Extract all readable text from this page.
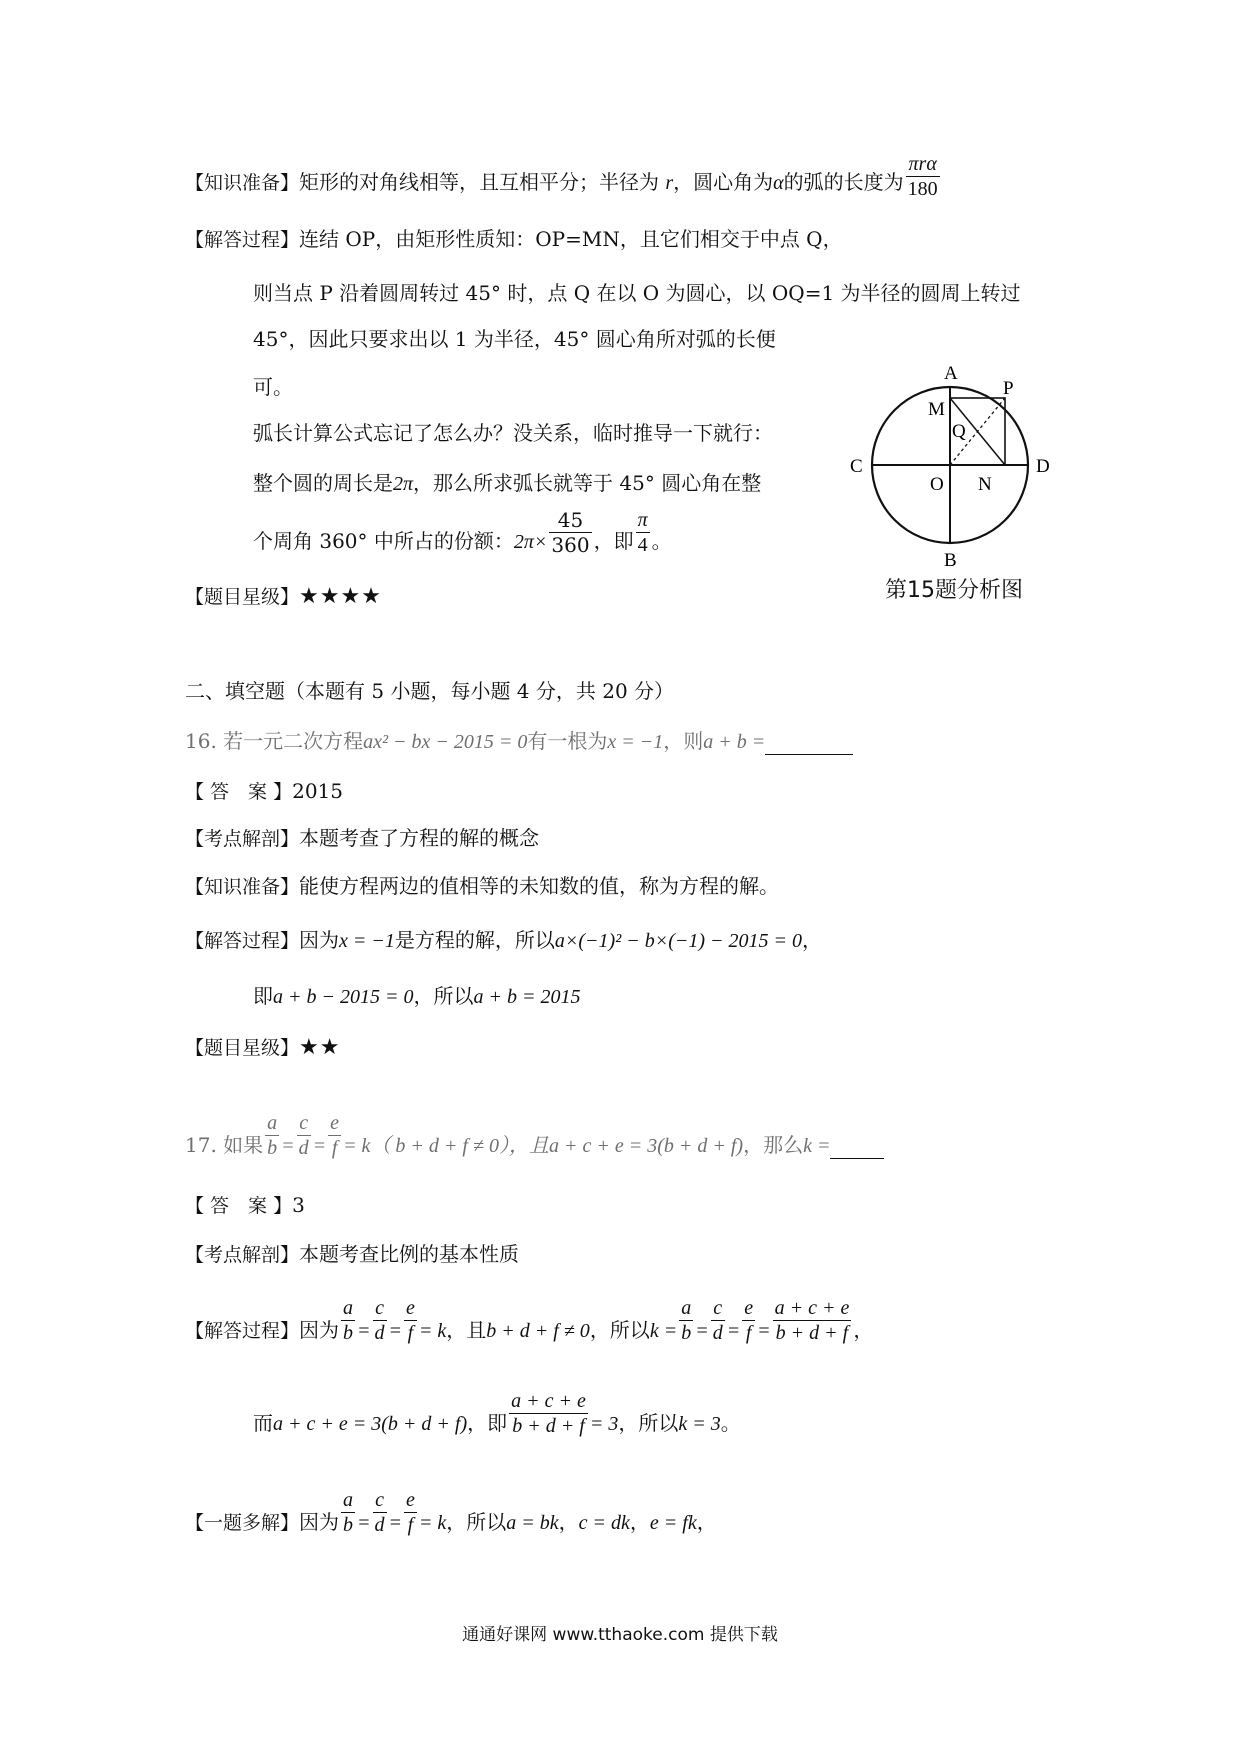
【知识准备】矩形的对角线相等，且互相平分；半径为 r，圆心角为α的弧的长度为 $\frac{\text{πrα}}{180}$
【解答过程】连结 OP，由矩形性质知：OP=MN，且它们相交于中点 Q，
则当点 P 沿着圆周转过 45° 时，点 Q 在以 O 为圆心，以 OQ=1 为半径的圆周上转过
45°，因此只要求出以 1 为半径，45° 圆心角所对弧的长便
可。
弧长计算公式忘记了怎么办？没关系，临时推导一下就行：
整个圆的周长是2π，那么所求弧长就等于 45° 圆心角在整
个周角 360° 中所占的份额：$2\pi\times \frac{45}{360}$ ，即 $\frac{\pi}{4}$ 。
【题目星级】★★★★
A
B
C	D
O
M
N
P
Q
第15题分析图
二、填空题（本题有 5 小题，每小题 4 分，共 20 分）
16. 若一元二次方程ax² − bx − 2015 = 0有一根为x = −1，则a + b =
【 答　案 】2015
【考点解剖】本题考查了方程的解的概念
【知识准备】能使方程两边的值相等的未知数的值，称为方程的解。
【解答过程】因为x = −1是方程的解，所以a×(−1)² − b×(−1) − 2015 = 0，
即a + b − 2015 = 0，所以a + b = 2015
【题目星级】★★
17. 如果 $\frac{a}{b} = \frac{c}{d} = \frac{e}{f} = k$（ b + d + f ≠ 0），且a + c + e = 3(b + d + f)，那么k =
【 答　案 】3
【考点解剖】本题考查比例的基本性质
【解答过程】因为 $\frac{a}{b} = \frac{c}{d} = \frac{e}{f} = k$，且b + d + f ≠ 0，所以$k = \frac{a}{b} = \frac{c}{d} = \frac{e}{f} = \frac{a + c + e}{b + d + f}$ ，
而a + c + e = 3(b + d + f)，即 $\frac{a + c + e}{b + d + f} = 3$，所以k = 3。
【一题多解】因为 $\frac{a}{b} = \frac{c}{d} = \frac{e}{f} = k$，所以a = bk，c = dk，e = fk，
通通好课网 www.tthaoke.com 提供下载
